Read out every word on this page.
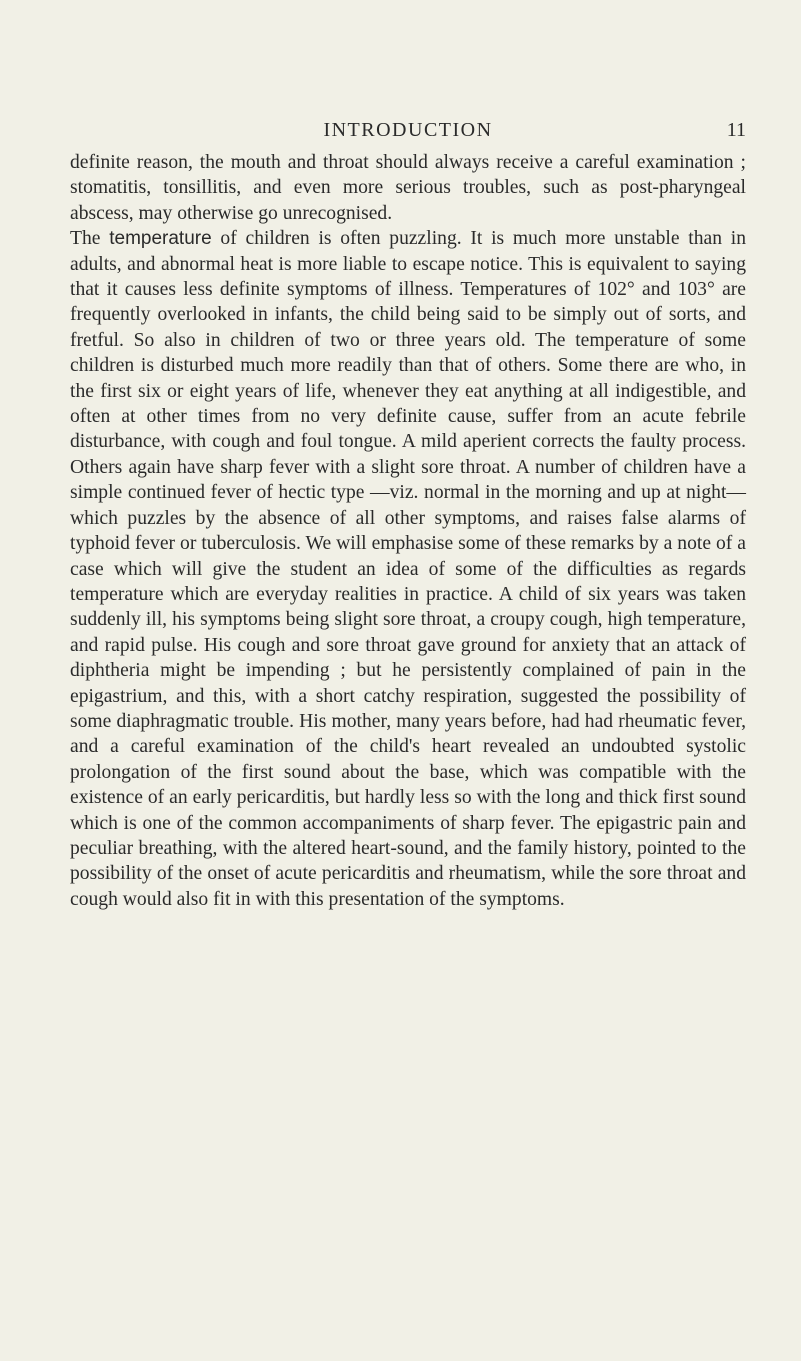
INTRODUCTION	11

definite reason, the mouth and throat should always receive a careful examination ; stomatitis, tonsillitis, and even more serious troubles, such as post-pharyngeal abscess, may otherwise go unrecognised.

The temperature of children is often puzzling. It is much more unstable than in adults, and abnormal heat is more liable to escape notice. This is equivalent to saying that it causes less definite symptoms of illness. Temperatures of 102° and 103° are frequently overlooked in infants, the child being said to be simply out of sorts, and fretful. So also in children of two or three years old. The temperature of some children is disturbed much more readily than that of others. Some there are who, in the first six or eight years of life, whenever they eat anything at all indigestible, and often at other times from no very definite cause, suffer from an acute febrile disturbance, with cough and foul tongue. A mild aperient corrects the faulty process. Others again have sharp fever with a slight sore throat. A number of children have a simple continued fever of hectic type —viz. normal in the morning and up at night—which puzzles by the absence of all other symptoms, and raises false alarms of typhoid fever or tuberculosis. We will emphasise some of these remarks by a note of a case which will give the student an idea of some of the difficulties as regards temperature which are everyday realities in practice. A child of six years was taken suddenly ill, his symptoms being slight sore throat, a croupy cough, high temperature, and rapid pulse. His cough and sore throat gave ground for anxiety that an attack of diphtheria might be impending ; but he persistently complained of pain in the epigastrium, and this, with a short catchy respiration, suggested the possibility of some diaphragmatic trouble. His mother, many years before, had had rheumatic fever, and a careful examination of the child's heart revealed an undoubted systolic prolongation of the first sound about the base, which was compatible with the existence of an early pericarditis, but hardly less so with the long and thick first sound which is one of the common accompaniments of sharp fever. The epigastric pain and peculiar breathing, with the altered heart-sound, and the family history, pointed to the possibility of the onset of acute pericarditis and rheumatism, while the sore throat and cough would also fit in with this presentation of the symptoms.
